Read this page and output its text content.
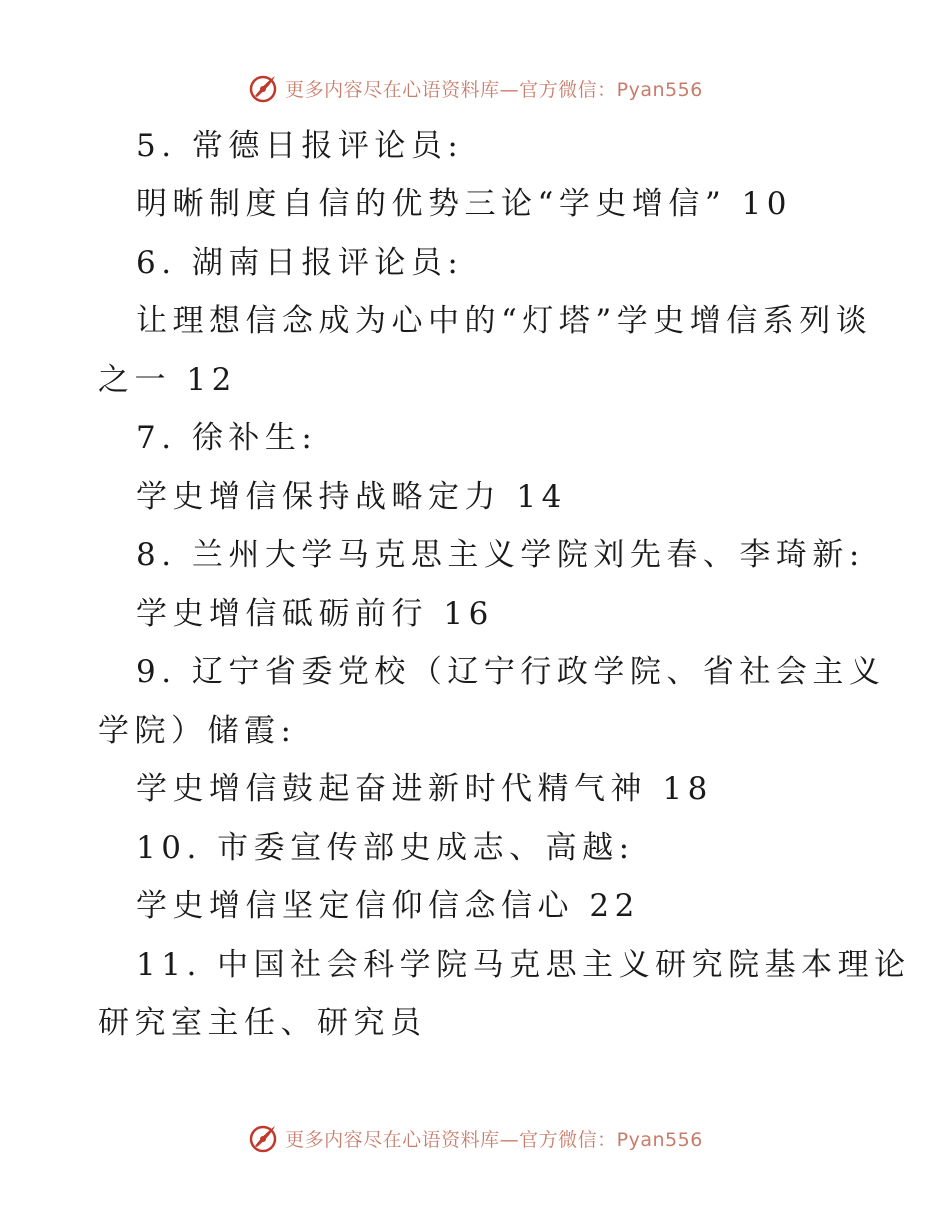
更多内容尽在心语资料库—官方微信：Pyan556
5. 常德日报评论员:
明晰制度自信的优势三论“学史增信” 10
6. 湖南日报评论员:
让理想信念成为心中的“灯塔”学史增信系列谈
之一 12
7. 徐补生:
学史增信保持战略定力 14
8. 兰州大学马克思主义学院刘先春、李琦新:
学史增信砥砺前行 16
9. 辽宁省委党校（辽宁行政学院、省社会主义
学院）储霞:
学史增信鼓起奋进新时代精气神 18
10. 市委宣传部史成志、高越:
学史增信坚定信仰信念信心 22
11. 中国社会科学院马克思主义研究院基本理论
研究室主任、研究员
更多内容尽在心语资料库—官方微信：Pyan556
